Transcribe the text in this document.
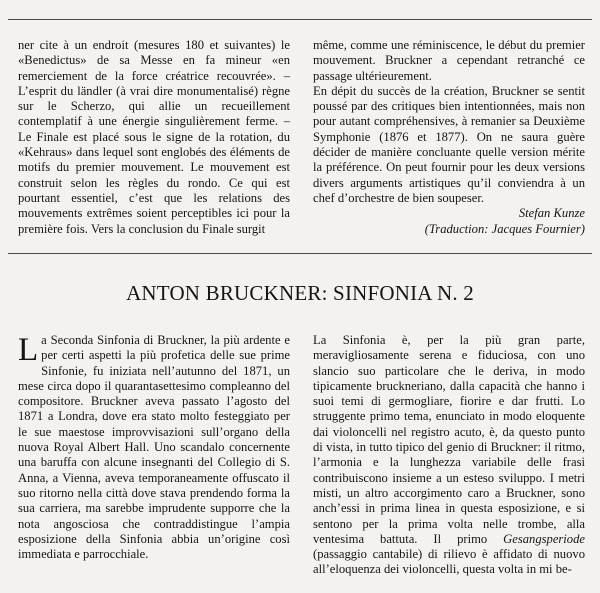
ner cite à un endroit (mesures 180 et suivantes) le «Benedictus» de sa Messe en fa mineur «en remerciement de la force créatrice recouvrée». – L’esprit du ländler (à vrai dire monumentalisé) règne sur le Scherzo, qui allie un recueillement contemplatif à une énergie singulièrement ferme. – Le Finale est placé sous le signe de la rotation, du «Kehraus» dans lequel sont englobés des éléments de motifs du premier mouvement. Le mouvement est construit selon les règles du rondo. Ce qui est pourtant essentiel, c’est que les relations des mouvements extrêmes soient perceptibles ici pour la première fois. Vers la conclusion du Finale surgit

même, comme une réminiscence, le début du premier mouvement. Bruckner a cependant retranché ce passage ultérieurement.

En dépit du succès de la création, Bruckner se sentit poussé par des critiques bien intentionnées, mais non pour autant compréhensives, à remanier sa Deuxième Symphonie (1876 et 1877). On ne saura guère décider de manière concluante quelle version mérite la préférence. On peut fournir pour les deux versions divers arguments artistiques qu’il conviendra à un chef d’orchestre de bien soupeser.

Stefan Kunze
(Traduction: Jacques Fournier)
ANTON BRUCKNER: SINFONIA N. 2

La Seconda Sinfonia di Bruckner, la più ardente e per certi aspetti la più profetica delle sue prime Sinfonie, fu iniziata nell’autunno del 1871, un mese circa dopo il quarantasettesimo compleanno del compositore. Bruckner aveva passato l’agosto del 1871 a Londra, dove era stato molto festeggiato per le sue maestose improvvisazioni sull’organo della nuova Royal Albert Hall. Uno scandalo concernente una baruffa con alcune insegnanti del Collegio di S. Anna, a Vienna, aveva temporaneamente offuscato il suo ritorno nella città dove stava prendendo forma la sua carriera, ma sarebbe imprudente supporre che la nota angosciosa che contraddistingue l’ampia esposizione della Sinfonia abbia un’origine così immediata e parrocchiale.

La Sinfonia è, per la più gran parte, meravigliosamente serena e fiduciosa, con uno slancio suo particolare che le deriva, in modo tipicamente bruckneriano, dalla capacità che hanno i suoi temi di germogliare, fiorire e dar frutti. Lo struggente primo tema, enunciato in modo eloquente dai violoncelli nel registro acuto, è, da questo punto di vista, in tutto tipico del genio di Bruckner: il ritmo, l’armonia e la lunghezza variabile delle frasi contribuiscono insieme a un esteso sviluppo. I metri misti, un altro accorgimento caro a Bruckner, sono anch’essi in prima linea in questa esposizione, e si sentono per la prima volta nelle trombe, alla ventesima battuta. Il primo Gesangsperiode (passaggio cantabile) di rilievo è affidato di nuovo all’eloquenza dei violoncelli, questa volta in mi be-
